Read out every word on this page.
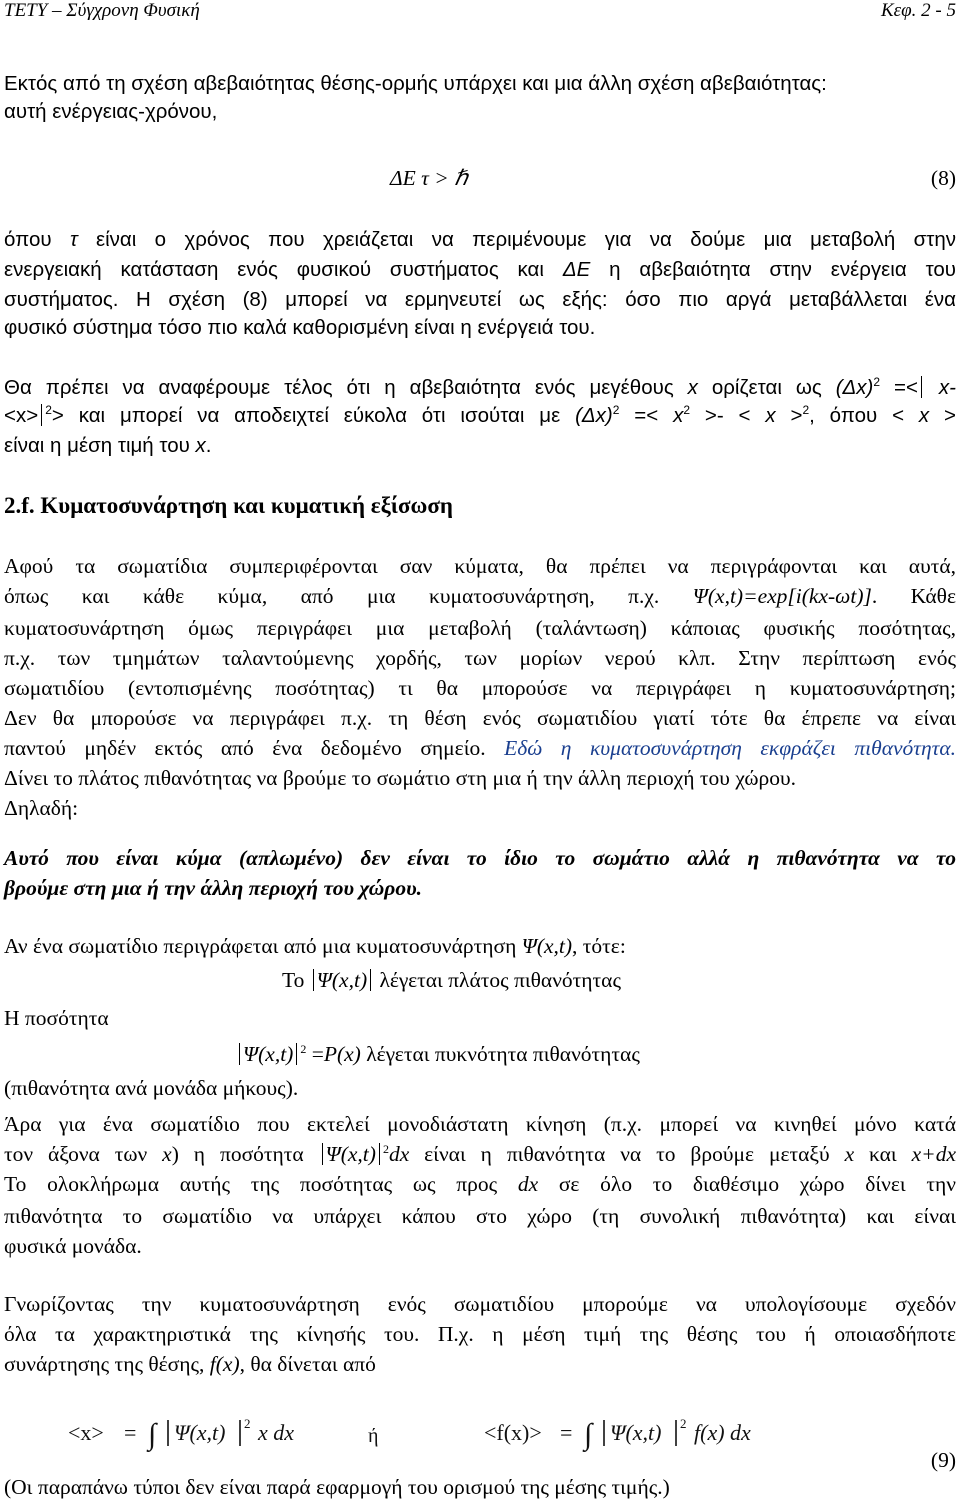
ΤΕΤΥ – Σύγχρονη Φυσική	Κεφ. 2 - 5
Εκτός από τη σχέση αβεβαιότητας θέσης-ορμής υπάρχει και μια άλλη σχέση αβεβαιότητας:
αυτή ενέργειας-χρόνου,
ΔE τ > ℏ	(8)
όπου τ είναι ο χρόνος που χρειάζεται να περιμένουμε για να δούμε μια μεταβολή στην
ενεργειακή κατάσταση ενός φυσικού συστήματος και ΔΕ η αβεβαιότητα στην ενέργεια του
συστήματος. Η σχέση (8) μπορεί να ερμηνευτεί ως εξής: όσο πιο αργά μεταβάλλεται ένα
φυσικό σύστημα τόσο πιο καλά καθορισμένη είναι η ενέργειά του.
Θα πρέπει να αναφέρουμε τέλος ότι η αβεβαιότητα ενός μεγέθους x ορίζεται ως $(\Delta x)^2 =< x-$
<x> $^2$> και μπορεί να αποδειχτεί εύκολα ότι ισούται με $(\Delta x)^2 =< x^2$ >- < x >$^2$, όπου < x >
είναι η μέση τιμή του x.
2.f. Κυματοσυνάρτηση και κυματική εξίσωση
Αφού τα σωματίδια συμπεριφέρονται σαν κύματα, θα πρέπει να περιγράφονται και αυτά,
όπως και κάθε κύμα, από μια κυματοσυνάρτηση, π.χ. Ψ(x,t)=exp[i(kx-ωt)]. Κάθε
κυματοσυνάρτηση όμως περιγράφει μια μεταβολή (ταλάντωση) κάποιας φυσικής ποσότητας,
π.χ. των τμημάτων ταλαντούμενης χορδής, των μορίων νερού κλπ. Στην περίπτωση ενός
σωματιδίου (εντοπισμένης ποσότητας) τι θα μπορούσε να περιγράφει η κυματοσυνάρτηση;
Δεν θα μπορούσε να περιγράφει π.χ. τη θέση ενός σωματιδίου γιατί τότε θα έπρεπε να είναι
παντού μηδέν εκτός από ένα δεδομένο σημείο. Εδώ η κυματοσυνάρτηση εκφράζει πιθανότητα.
Δίνει το πλάτος πιθανότητας να βρούμε το σωμάτιο στη μια ή την άλλη περιοχή του χώρου.
Δηλαδή:
Αυτό που είναι κύμα (απλωμένο) δεν είναι το ίδιο το σωμάτιο αλλά η πιθανότητα να το
βρούμε στη μια ή την άλλη περιοχή του χώρου.
Αν ένα σωματίδιο περιγράφεται από μια κυματοσυνάρτηση Ψ(x,t), τότε:
Το Ψ(x,t) λέγεται πλάτος πιθανότητας
Η ποσότητα
Ψ(x,t) $^2$ =P(x) λέγεται πυκνότητα πιθανότητας
(πιθανότητα ανά μονάδα μήκους).
Άρα για ένα σωματίδιο που εκτελεί μονοδιάστατη κίνηση (π.χ. μπορεί να κινηθεί μόνο κατά
τον άξονα των x) η ποσότητα Ψ(x,t) $^2$dx είναι η πιθανότητα να το βρούμε μεταξύ x και x+dx
Το ολοκλήρωμα αυτής της ποσότητας ως προς dx σε όλο το διαθέσιμο χώρο δίνει την
πιθανότητα το σωματίδιο να υπάρχει κάπου στο χώρο (τη συνολική πιθανότητα) και είναι
φυσικά μονάδα.
Γνωρίζοντας την κυματοσυνάρτηση ενός σωματιδίου μπορούμε να υπολογίσουμε σχεδόν
όλα τα χαρακτηριστικά της κίνησής του. Π.χ. η μέση τιμή της θέσης του ή οποιασδήποτε
συνάρτησης της θέσης, f(x), θα δίνεται από
<x> = ∫ Ψ(x,t) 2 x dx	ή	<f(x)> = ∫ Ψ(x,t) 2 f(x) dx
(9)
(Οι παραπάνω τύποι δεν είναι παρά εφαρμογή του ορισμού της μέσης τιμής.)
